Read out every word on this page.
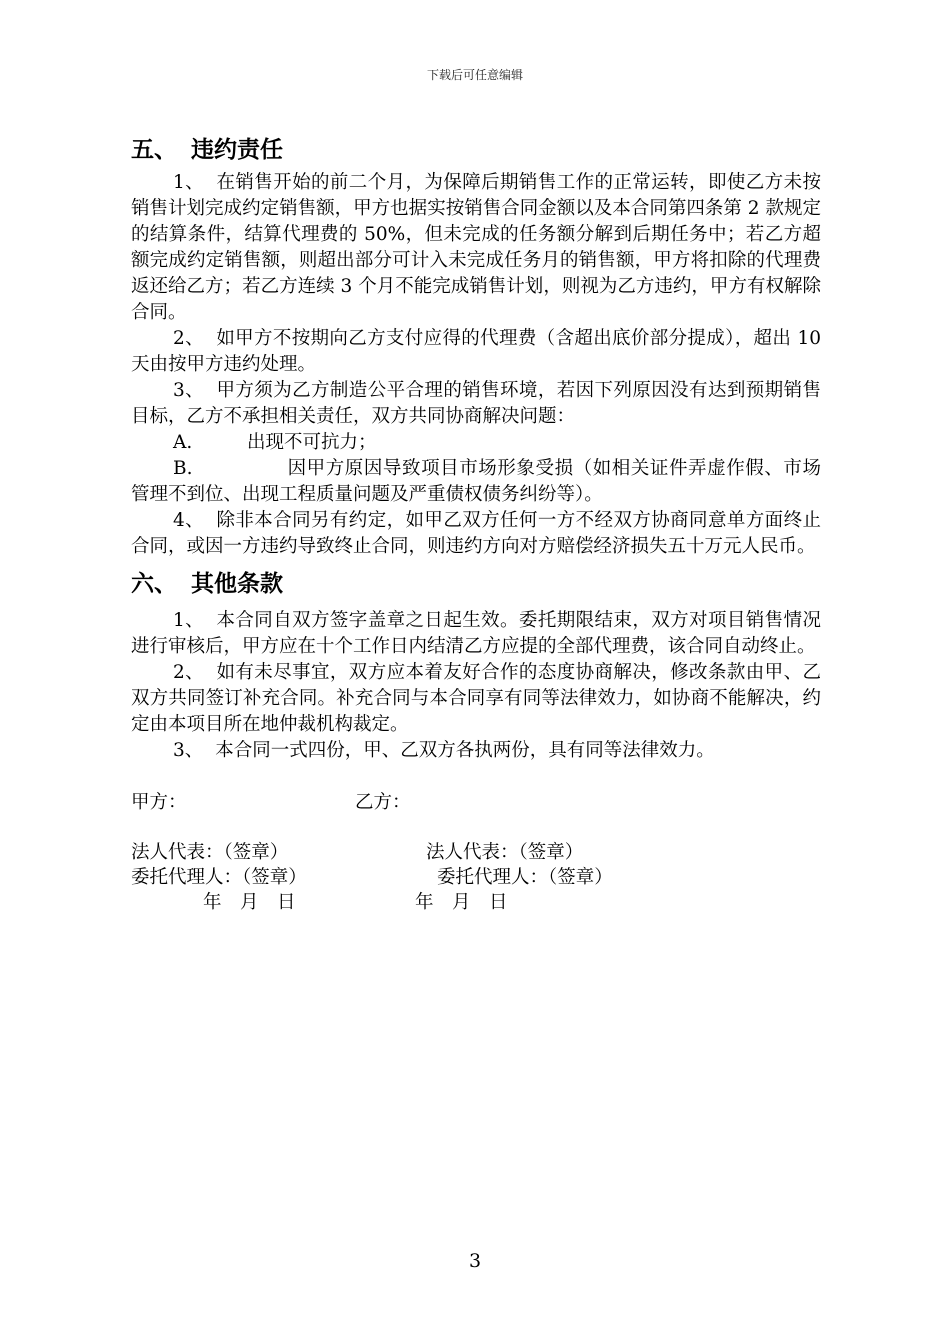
下载后可任意编辑
五、 违约责任

1、 在销售开始的前二个月，为保障后期销售工作的正常运转，即使乙方未按销售计划完成约定销售额，甲方也据实按销售合同金额以及本合同第四条第 2 款规定的结算条件，结算代理费的 50%，但未完成的任务额分解到后期任务中；若乙方超额完成约定销售额，则超出部分可计入未完成任务月的销售额，甲方将扣除的代理费返还给乙方；若乙方连续 3 个月不能完成销售计划，则视为乙方违约，甲方有权解除合同。

2、 如甲方不按期向乙方支付应得的代理费（含超出底价部分提成），超出 10 天由按甲方违约处理。

3、 甲方须为乙方制造公平合理的销售环境，若因下列原因没有达到预期销售目标，乙方不承担相关责任，双方共同协商解决问题：

A.	出现不可抗力；

B.	因甲方原因导致项目市场形象受损（如相关证件弄虚作假、市场管理不到位、出现工程质量问题及严重债权债务纠纷等）。

4、 除非本合同另有约定，如甲乙双方任何一方不经双方协商同意单方面终止合同，或因一方违约导致终止合同，则违约方向对方赔偿经济损失五十万元人民币。

六、 其他条款

1、 本合同自双方签字盖章之日起生效。委托期限结束，双方对项目销售情况进行审核后，甲方应在十个工作日内结清乙方应提的全部代理费，该合同自动终止。

2、 如有未尽事宜，双方应本着友好合作的态度协商解决，修改条款由甲、乙双方共同签订补充合同。补充合同与本合同享有同等法律效力，如协商不能解决，约定由本项目所在地仲裁机构裁定。

3、 本合同一式四份，甲、乙双方各执两份，具有同等法律效力。

甲方：	乙方：
法人代表：（签章）	法人代表：（签章）
委托代理人：（签章）	委托代理人：（签章）
年　月　日	年　月　日
3
